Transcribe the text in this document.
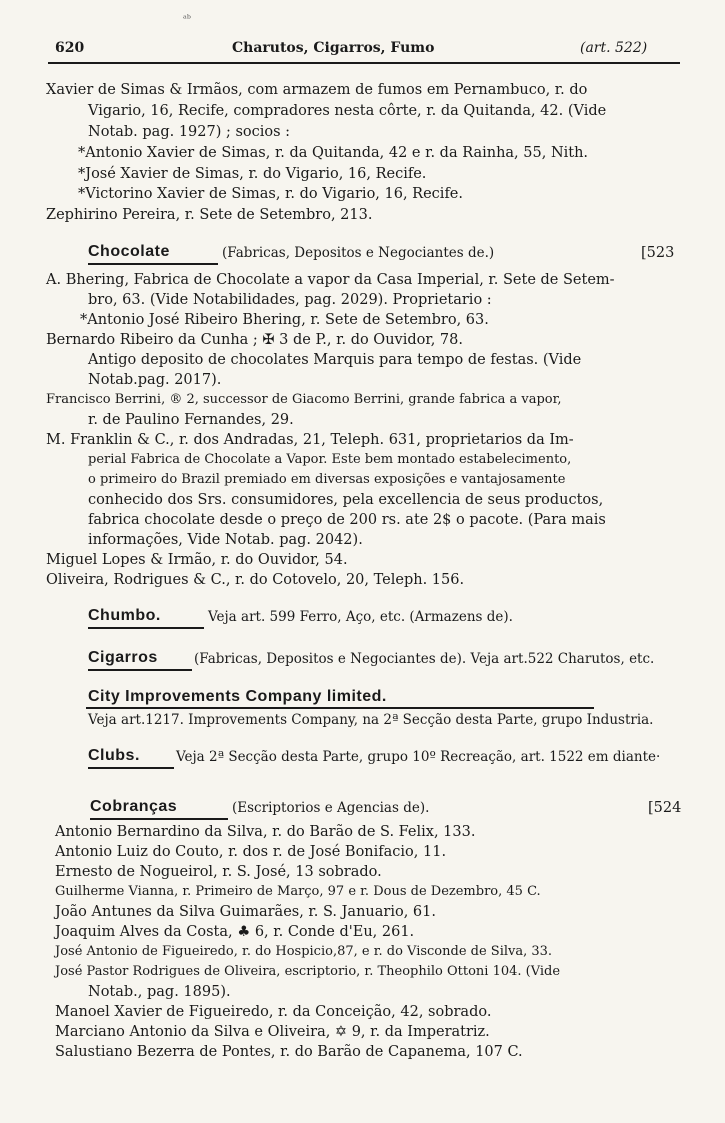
ᵃᵇ
620	Charutos, Cigarros, Fumo	(art. 522)
Xavier de Simas & Irmãos, com armazem de fumos em Pernambuco, r. do
Vigario, 16, Recife, compradores nesta côrte, r. da Quitanda, 42. (Vide
Notab. pag. 1927) ; socios :
*Antonio Xavier de Simas, r. da Quitanda, 42 e r. da Rainha, 55, Nith.
*José Xavier de Simas, r. do Vigario, 16, Recife.
*Victorino Xavier de Simas, r. do Vigario, 16, Recife.
Zephirino Pereira, r. Sete de Setembro, 213.
Chocolate	(Fabricas, Depositos e Negociantes de.)	[523
A. Bhering, Fabrica de Chocolate a vapor da Casa Imperial, r. Sete de Setem-
bro, 63. (Vide Notabilidades, pag. 2029). Proprietario :
*Antonio José Ribeiro Bhering, r. Sete de Setembro, 63.
Bernardo Ribeiro da Cunha ; ✠ 3 de P., r. do Ouvidor, 78.
Antigo deposito de chocolates Marquis para tempo de festas. (Vide
Notab.pag. 2017).
Francisco Berrini, ® 2, successor de Giacomo Berrini, grande fabrica a vapor,
r. de Paulino Fernandes, 29.
M. Franklin & C., r. dos Andradas, 21, Teleph. 631, proprietarios da Im-
perial Fabrica de Chocolate a Vapor. Este bem montado estabelecimento,
o primeiro do Brazil premiado em diversas exposições e vantajosamente
conhecido dos Srs. consumidores, pela excellencia de seus productos,
fabrica chocolate desde o preço de 200 rs. ate 2$ o pacote. (Para mais
informações, Vide Notab. pag. 2042).
Miguel Lopes & Irmão, r. do Ouvidor, 54.
Oliveira, Rodrigues & C., r. do Cotovelo, 20, Teleph. 156.
Chumbo.	Veja art. 599 Ferro, Aço, etc. (Armazens de).
Cigarros	(Fabricas, Depositos e Negociantes de). Veja art.522 Charutos, etc.
City Improvements Company limited.
Veja art.1217. Improvements Company, na 2ª Secção desta Parte, grupo Industria.
Clubs.	Veja 2ª Secção desta Parte, grupo 10º Recreação, art. 1522 em diante·
Cobranças	(Escriptorios e Agencias de).	[524
Antonio Bernardino da Silva, r. do Barão de S. Felix, 133.
Antonio Luiz do Couto, r. dos r. de José Bonifacio, 11.
Ernesto de Nogueirol, r. S. José, 13 sobrado.
Guilherme Vianna, r. Primeiro de Março, 97 e r. Dous de Dezembro, 45 C.
João Antunes da Silva Guimarães, r. S. Januario, 61.
Joaquim Alves da Costa, ♣ 6, r. Conde d'Eu, 261.
José Antonio de Figueiredo, r. do Hospicio,87, e r. do Visconde de Silva, 33.
José Pastor Rodrigues de Oliveira, escriptorio, r. Theophilo Ottoni 104. (Vide
Notab., pag. 1895).
Manoel Xavier de Figueiredo, r. da Conceição, 42, sobrado.
Marciano Antonio da Silva e Oliveira, ✡ 9, r. da Imperatriz.
Salustiano Bezerra de Pontes, r. do Barão de Capanema, 107 C.
